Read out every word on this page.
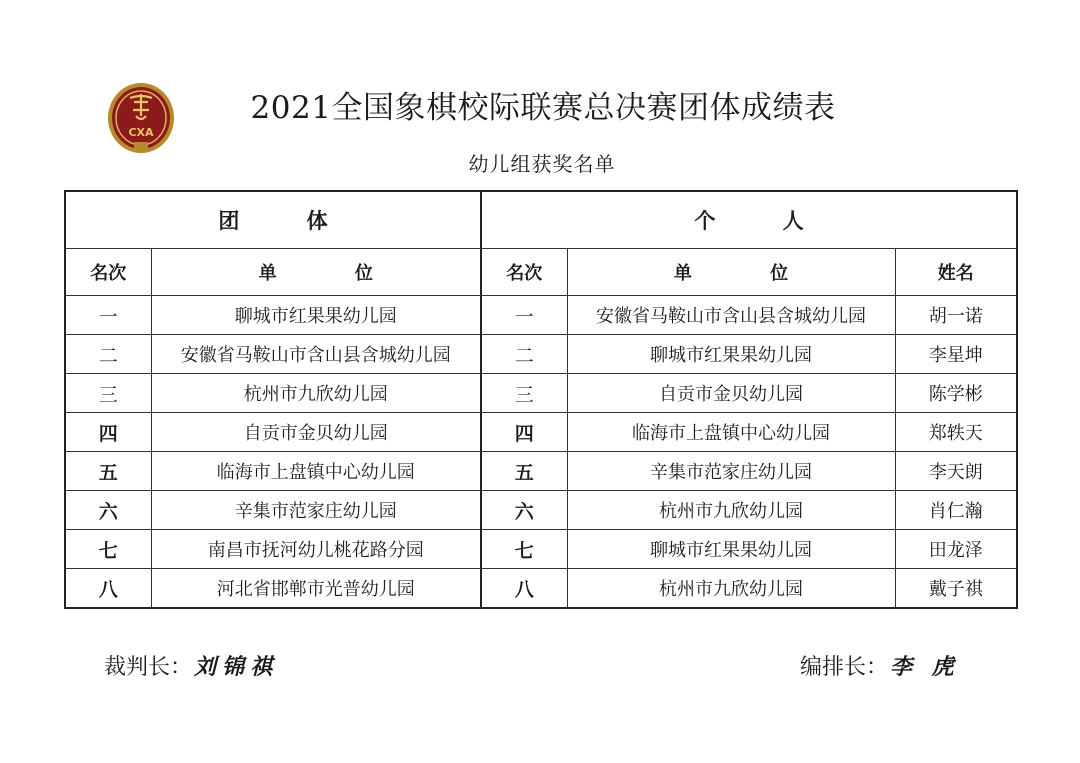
CXA
2021全国象棋校际联赛总决赛团体成绩表
幼儿组获奖名单
团 体		个 人		
名次	单 位	名次	单 位	姓名
一	聊城市红果果幼儿园	一	安徽省马鞍山市含山县含城幼儿园	胡一诺
二	安徽省马鞍山市含山县含城幼儿园	二	聊城市红果果幼儿园	李星坤
三	杭州市九欣幼儿园	三	自贡市金贝幼儿园	陈学彬
四	自贡市金贝幼儿园	四	临海市上盘镇中心幼儿园	郑轶天
五	临海市上盘镇中心幼儿园	五	辛集市范家庄幼儿园	李天朗
六	辛集市范家庄幼儿园	六	杭州市九欣幼儿园	肖仁瀚
七	南昌市抚河幼儿桃花路分园	七	聊城市红果果幼儿园	田龙泽
八	河北省邯郸市光普幼儿园	八	杭州市九欣幼儿园	戴子祺
裁判长： 刘锦祺	编排长： 李 虎
